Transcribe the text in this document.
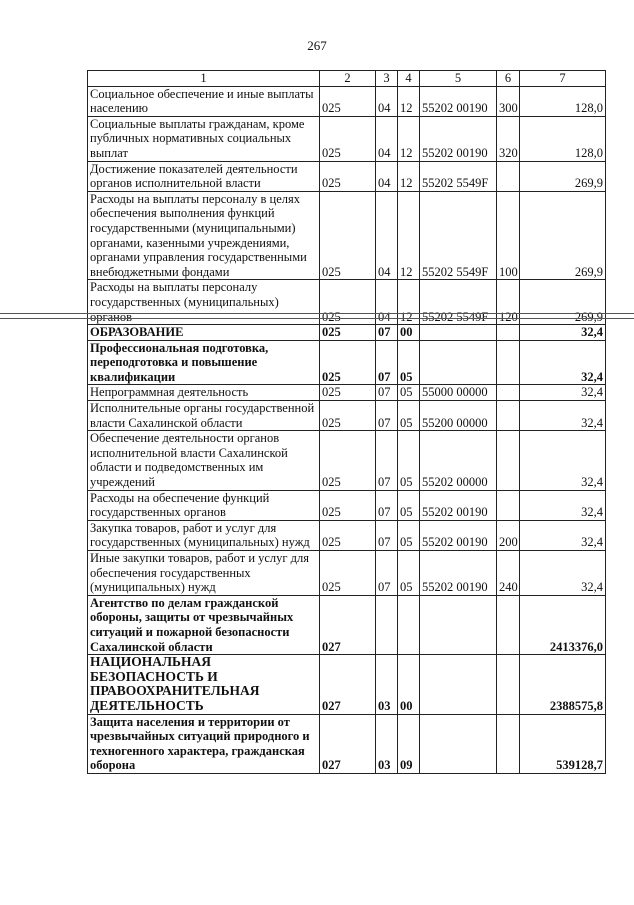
267
1	2	3	4	5	6	7
Социальное обеспечение и иные выплаты населению	025	04	12	55202 00190	300	128,0
Социальные выплаты гражданам, кроме публичных нормативных социальных выплат	025	04	12	55202 00190	320	128,0
Достижение показателей деятельности органов исполнительной власти	025	04	12	55202 5549F		269,9
Расходы на выплаты персоналу в целях обеспечения выполнения функций государственными (муниципальными) органами, казенными учреждениями, органами управления государственными внебюджетными фондами	025	04	12	55202 5549F	100	269,9
Расходы на выплаты персоналу государственных (муниципальных) органов	025	04	12	55202 5549F	120	269,9
ОБРАЗОВАНИЕ	025	07	00			32,4
Профессиональная подготовка, переподготовка и повышение квалификации	025	07	05			32,4
Непрограммная деятельность	025	07	05	55000 00000		32,4
Исполнительные органы государственной власти Сахалинской области	025	07	05	55200 00000		32,4
Обеспечение деятельности органов исполнительной власти Сахалинской области и подведомственных им учреждений	025	07	05	55202 00000		32,4
Расходы на обеспечение функций государственных органов	025	07	05	55202 00190		32,4
Закупка товаров, работ и услуг для государственных (муниципальных) нужд	025	07	05	55202 00190	200	32,4
Иные закупки товаров, работ и услуг для обеспечения государственных (муниципальных) нужд	025	07	05	55202 00190	240	32,4
Агентство по делам гражданской обороны, защиты от чрезвычайных ситуаций и пожарной безопасности Сахалинской области	027					2413376,0
НАЦИОНАЛЬНАЯ БЕЗОПАСНОСТЬ И ПРАВООХРАНИТЕЛЬНАЯ ДЕЯТЕЛЬНОСТЬ	027	03	00			2388575,8
Защита населения и территории от чрезвычайных ситуаций природного и техногенного характера, гражданская оборона	027	03	09			539128,7
